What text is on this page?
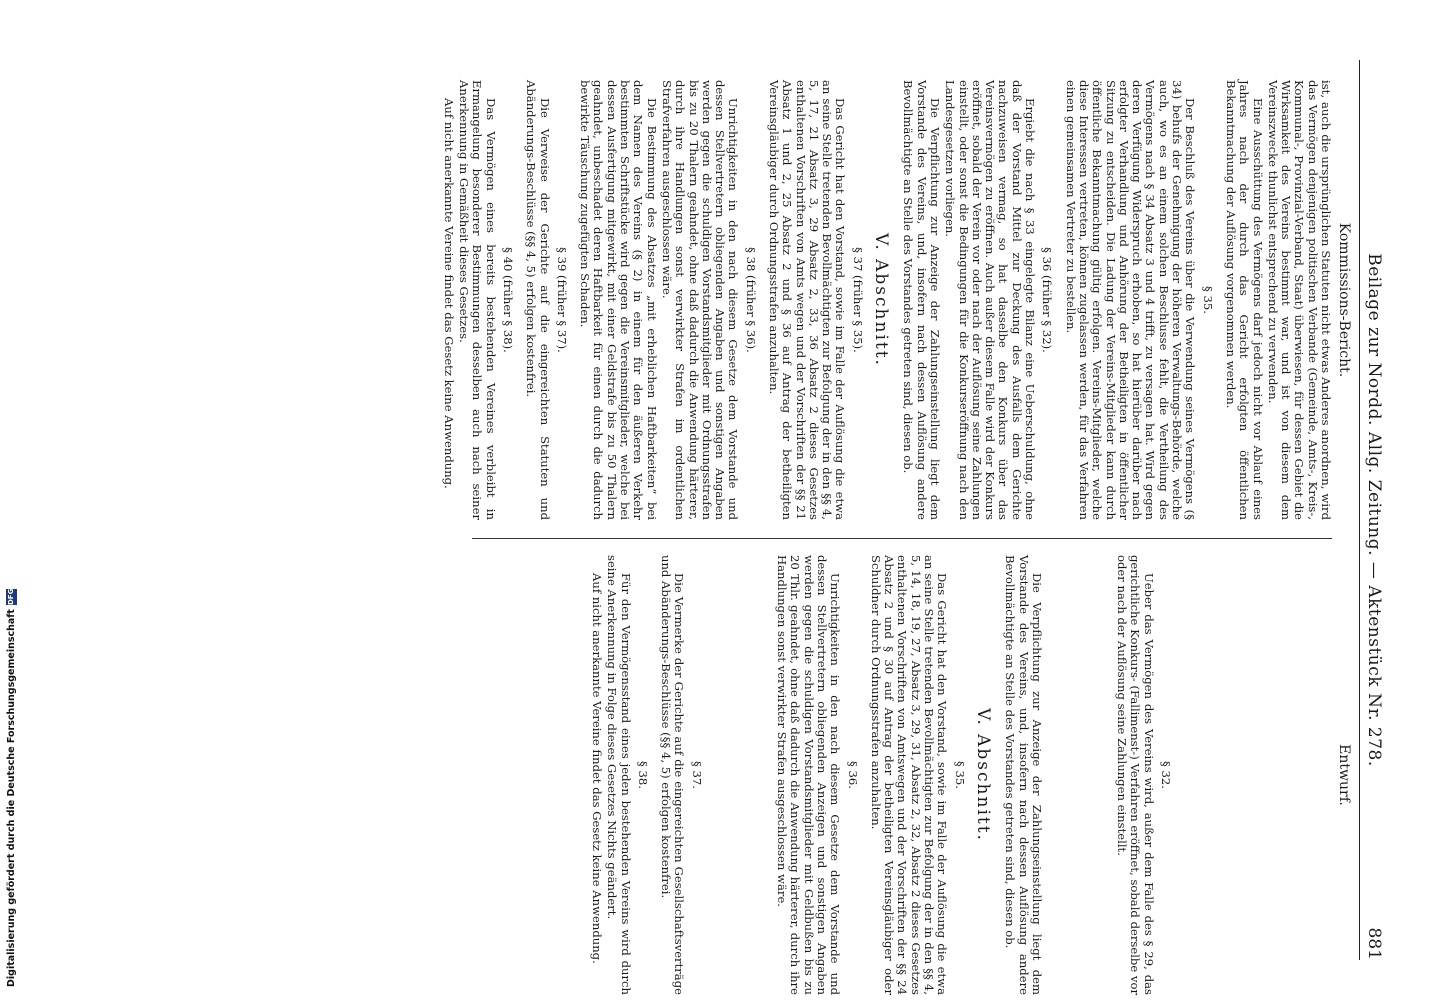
Beilage zur Nordd. Allg. Zeitung. — Aktenstück Nr. 278.
881
Kommissions-Bericht.
Entwurf.

ist, auch die ursprünglichen Statuten nicht etwas Anderes anordnen, wird das Vermögen denjenigen politischen Verbande (Gemeinde, Amts-, Kreis-, Kommunal-, Provinzial-Verband, Staat) überwiesen, für dessen Gebiet die Wirksamkeit des Vereins bestimmt war, und ist von diesem dem Vereinszwecke thunlichst entsprechend zu verwenden.

Eine Ausschüttung des Vermögens darf jedoch nicht vor Ablauf eines Jahres nach der durch das Gericht erfolgten öffentlichen Bekanntmachung der Auflösung vorgenommen werden.

§ 35.

Der Beschluß des Vereins über die Verwendung seines Vermögens (§ 34) behufs der Genehmigung der höheren Verwaltungs-Behörde, welche auch, wo es an einem solchen Beschlusse fehlt, die Vertheilung des Vermögens nach § 34 Absatz 3 und 4 trifft, zu versagen hat. Wird gegen deren Verfügung Widerspruch erhoben, so hat hierüber darüber nach erfolgter Verhandlung und Anhörung der Betheiligten in öffentlicher Sitzung zu entscheiden. Die Ladung der Vereins-Mitglieder kann durch öffentliche Bekanntmachung gültig erfolgen. Vereins-Mitglieder, welche diese Interessen vertreten, können zugelassen werden, für das Verfahren einen gemeinsamen Vertreter zu bestellen.

§ 36 (früher § 32).

Ergiebt die nach § 33 eingelegte Bilanz eine Ueberschuldung, ohne daß der Vorstand Mittel zur Deckung des Ausfalls dem Gerichte nachzuweisen vermag, so hat dasselbe den Konkurs über das Vereinsvermögen zu eröffnen. Auch außer diesem Falle wird der Konkurs eröffnet, sobald der Verein vor oder nach der Auflösung seine Zahlungen einstellt, oder sonst die Bedingungen für die Konkurseröffnung nach den Landesgesetzen vorliegen.

Die Verpflichtung zur Anzeige der Zahlungseinstellung liegt dem Vorstande des Vereins, und, insofern nach dessen Auflösung andere Bevollmächtigte an Stelle des Vorstandes getreten sind, diesen ob.

V. Abschnitt.
§ 37 (früher § 35).

Das Gericht hat den Vorstand, sowie im Falle der Auflösung die etwa an seine Stelle tretenden Bevollmächtigten zur Befolgung der in den §§ 4, 5, 17, 21 Absatz 3, 29 Absatz 2, 33, 36 Absatz 2 dieses Gesetzes enthaltenen Vorschriften von Amts wegen und der Vorschriften der §§ 21 Absatz 1 und 2, 25 Absatz 2 und § 36 auf Antrag der betheiligten Vereinsgläubiger durch Ordnungsstrafen anzuhalten.

§ 38 (früher § 36).

Unrichtigkeiten in den nach diesem Gesetze dem Vorstande und dessen Stellvertretern obliegenden Angaben und sonstigen Angaben werden gegen die schuldigen Vorstandsmitglieder mit Ordnungsstrafen bis zu 20 Thalern geahndet, ohne daß dadurch die Anwendung härterer, durch ihre Handlungen sonst verwirkter Strafen im ordentlichen Strafverfahren ausgeschlossen wäre.

Die Bestimmung des Absatzes „mit erheblichen Haftbarkeiten“ bei dem Namen des Vereins (§ 2) in einem für den äußeren Verkehr bestimmten Schriftstücke wird gegen die Vereinsmitglieder, welche bei dessen Ausfertigung mitgewirkt, mit einer Geldstrafe bis zu 50 Thalern geahndet, unbeschadet deren Haftbarkeit für einen durch die dadurch bewirkte Täuschung zugefügten Schaden.

§ 39 (früher § 37).

Die Verweise der Gerichte auf die eingereichten Statuten und Abänderungs-Beschlüsse (§§ 4, 5) erfolgen kostenfrei.

§ 40 (früher § 38).

Das Vermögen eines bereits bestehenden Vereines verbleibt in Ermangelung besonderer Bestimmungen desselben auch nach seiner Anerkennung in Gemäßheit dieses Gesetzes.

Auf nicht anerkannte Vereine findet das Gesetz keine Anwendung.

§ 32.

Ueber das Vermögen des Vereins wird, außer dem Falle des § 29, das gerichtliche Konkurs- (Fallimenst-) Verfahren eröffnet, sobald derselbe vor oder nach der Auflösung seine Zahlungen einstellt.

Die Verpflichtung zur Anzeige der Zahlungseinstellung liegt dem Vorstande des Vereins, und, insofern nach dessen Auflösung andere Bevollmächtigte an Stelle des Vorstandes getreten sind, diesen ob.

V. Abschnitt.
§ 35.

Das Gericht hat den Vorstand, sowie im Falle der Auflösung die etwa an seine Stelle tretenden Bevollmächtigten zur Befolgung der in den §§ 4, 5, 14, 18, 19, 27, Absatz 3, 29, 31, Absatz 2, 32, Absatz 2 dieses Gesetzes enthaltenen Vorschriften von Amtswegen und der Vorschriften der §§ 24 Absatz 2 und § 30 auf Antrag der betheiligten Vereinsgläubiger oder Schuldner durch Ordnungsstrafen anzuhalten.

§ 36.

Unrichtigkeiten in den nach diesem Gesetze dem Vorstande und dessen Stellvertretern obliegenden Anzeigen und sonstigen Angaben werden gegen die schuldigen Vorstandsmitglieder mit Geldbußen bis zu 20 Thlr. geahndet, ohne daß dadurch die Anwendung härterer, durch ihre Handlungen sonst verwirkter Strafen ausgeschlossen wäre.

§ 37.

Die Vermerke der Gerichte auf die eingereichten Gesellschaftsverträge und Abänderungs-Beschlüsse (§§ 4, 5) erfolgen kostenfrei.

§ 38.

Für den Vermögensstand eines jeden bestehenden Vereins wird durch seine Anerkennung in Folge dieses Gesetzes Nichts geändert.

Auf nicht anerkannte Vereine findet das Gesetz keine Anwendung.

Digitalisierung gefördert durch die Deutsche ForschungsgemeinschaftDFG
